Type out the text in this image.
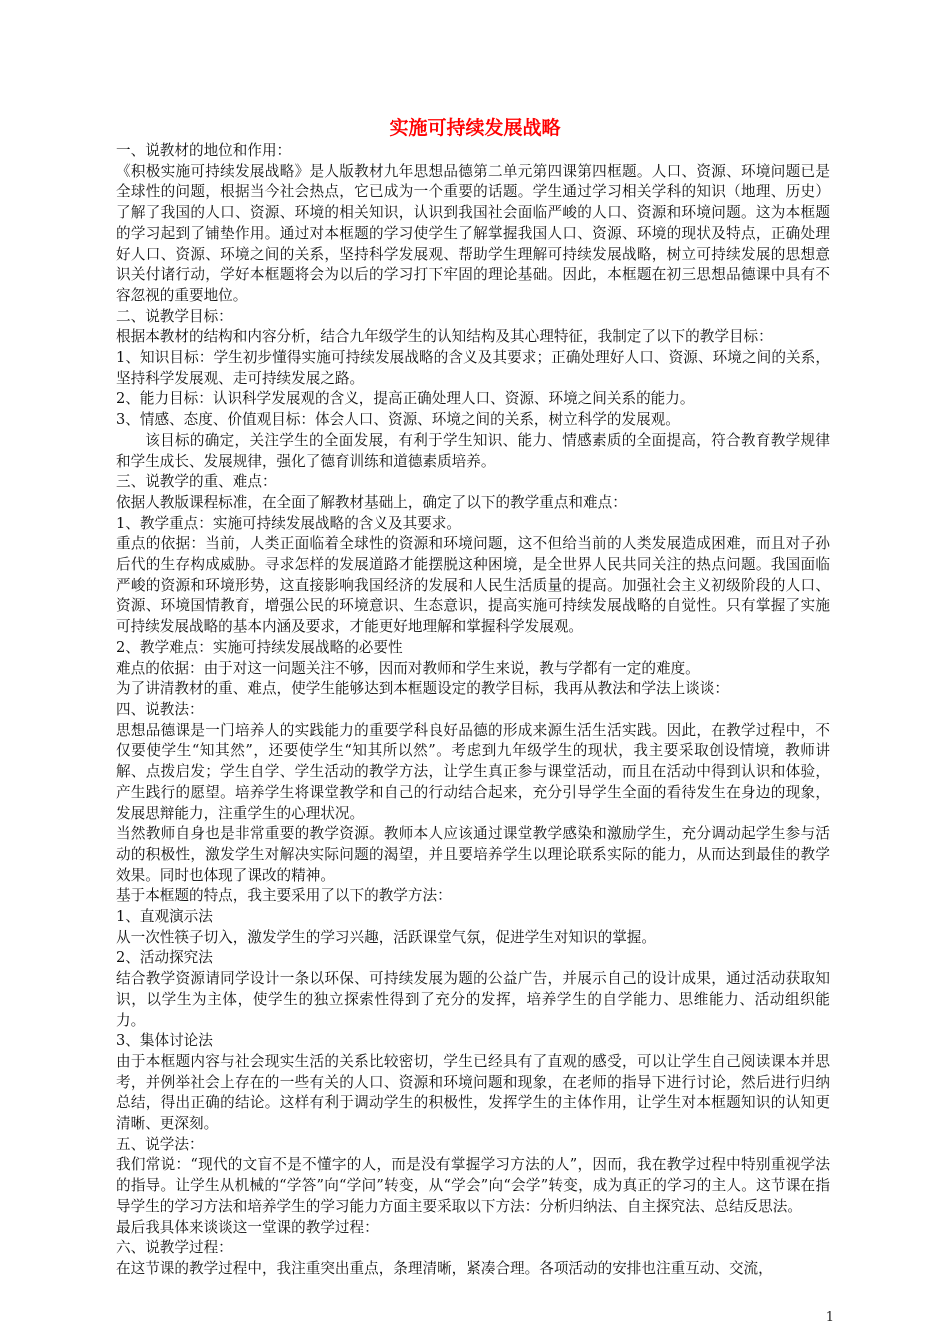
实施可持续发展战略

一、说教材的地位和作用：

《积极实施可持续发展战略》是人版教材九年思想品德第二单元第四课第四框题。人口、资源、环境问题已是全球性的问题，根据当今社会热点，它已成为一个重要的话题。学生通过学习相关学科的知识（地理、历史）了解了我国的人口、资源、环境的相关知识，认识到我国社会面临严峻的人口、资源和环境问题。这为本框题的学习起到了铺垫作用。通过对本框题的学习使学生了解掌握我国人口、资源、环境的现状及特点，正确处理好人口、资源、环境之间的关系，坚持科学发展观、帮助学生理解可持续发展战略，树立可持续发展的思想意识关付诸行动，学好本框题将会为以后的学习打下牢固的理论基础。因此，本框题在初三思想品德课中具有不容忽视的重要地位。

二、说教学目标：

根据本教材的结构和内容分析，结合九年级学生的认知结构及其心理特征，我制定了以下的教学目标：

1、知识目标：学生初步懂得实施可持续发展战略的含义及其要求；正确处理好人口、资源、环境之间的关系，坚持科学发展观、走可持续发展之路。

2、能力目标：认识科学发展观的含义，提高正确处理人口、资源、环境之间关系的能力。

3、情感、态度、价值观目标：体会人口、资源、环境之间的关系，树立科学的发展观。

该目标的确定，关注学生的全面发展，有利于学生知识、能力、情感素质的全面提高，符合教育教学规律和学生成长、发展规律，强化了德育训练和道德素质培养。

三、说教学的重、难点：

依据人教版课程标准，在全面了解教材基础上，确定了以下的教学重点和难点：

1、教学重点：实施可持续发展战略的含义及其要求。

重点的依据：当前，人类正面临着全球性的资源和环境问题，这不但给当前的人类发展造成困难，而且对子孙后代的生存构成威胁。寻求怎样的发展道路才能摆脱这种困境，是全世界人民共同关注的热点问题。我国面临严峻的资源和环境形势，这直接影响我国经济的发展和人民生活质量的提高。加强社会主义初级阶段的人口、资源、环境国情教育，增强公民的环境意识、生态意识，提高实施可持续发展战略的自觉性。只有掌握了实施可持续发展战略的基本内涵及要求，才能更好地理解和掌握科学发展观。

2、教学难点：实施可持续发展战略的必要性

难点的依据：由于对这一问题关注不够，因而对教师和学生来说，教与学都有一定的难度。

为了讲清教材的重、难点，使学生能够达到本框题设定的教学目标，我再从教法和学法上谈谈：

四、说教法：

思想品德课是一门培养人的实践能力的重要学科良好品德的形成来源生活生活实践。因此，在教学过程中，不仅要使学生“知其然”，还要使学生“知其所以然”。考虑到九年级学生的现状，我主要采取创设情境，教师讲解、点拨启发；学生自学、学生活动的教学方法，让学生真正参与课堂活动，而且在活动中得到认识和体验，产生践行的愿望。培养学生将课堂教学和自己的行动结合起来，充分引导学生全面的看待发生在身边的现象，发展思辩能力，注重学生的心理状况。

当然教师自身也是非常重要的教学资源。教师本人应该通过课堂教学感染和激励学生，充分调动起学生参与活动的积极性，激发学生对解决实际问题的渴望，并且要培养学生以理论联系实际的能力，从而达到最佳的教学效果。同时也体现了课改的精神。

基于本框题的特点，我主要采用了以下的教学方法：

1、直观演示法

从一次性筷子切入，激发学生的学习兴趣，活跃课堂气氛，促进学生对知识的掌握。

2、活动探究法

结合教学资源请同学设计一条以环保、可持续发展为题的公益广告，并展示自己的设计成果，通过活动获取知识，以学生为主体，使学生的独立探索性得到了充分的发挥，培养学生的自学能力、思维能力、活动组织能力。

3、集体讨论法

由于本框题内容与社会现实生活的关系比较密切，学生已经具有了直观的感受，可以让学生自己阅读课本并思考，并例举社会上存在的一些有关的人口、资源和环境问题和现象，在老师的指导下进行讨论，然后进行归纳总结，得出正确的结论。这样有利于调动学生的积极性，发挥学生的主体作用，让学生对本框题知识的认知更清晰、更深刻。

五、说学法：

我们常说：“现代的文盲不是不懂字的人，而是没有掌握学习方法的人”，因而，我在教学过程中特别重视学法的指导。让学生从机械的“学答”向“学问”转变，从“学会”向“会学”转变，成为真正的学习的主人。这节课在指导学生的学习方法和培养学生的学习能力方面主要采取以下方法：分析归纳法、自主探究法、总结反思法。

最后我具体来谈谈这一堂课的教学过程：

六、说教学过程：

在这节课的教学过程中，我注重突出重点，条理清晰，紧凑合理。各项活动的安排也注重互动、交流，

1
